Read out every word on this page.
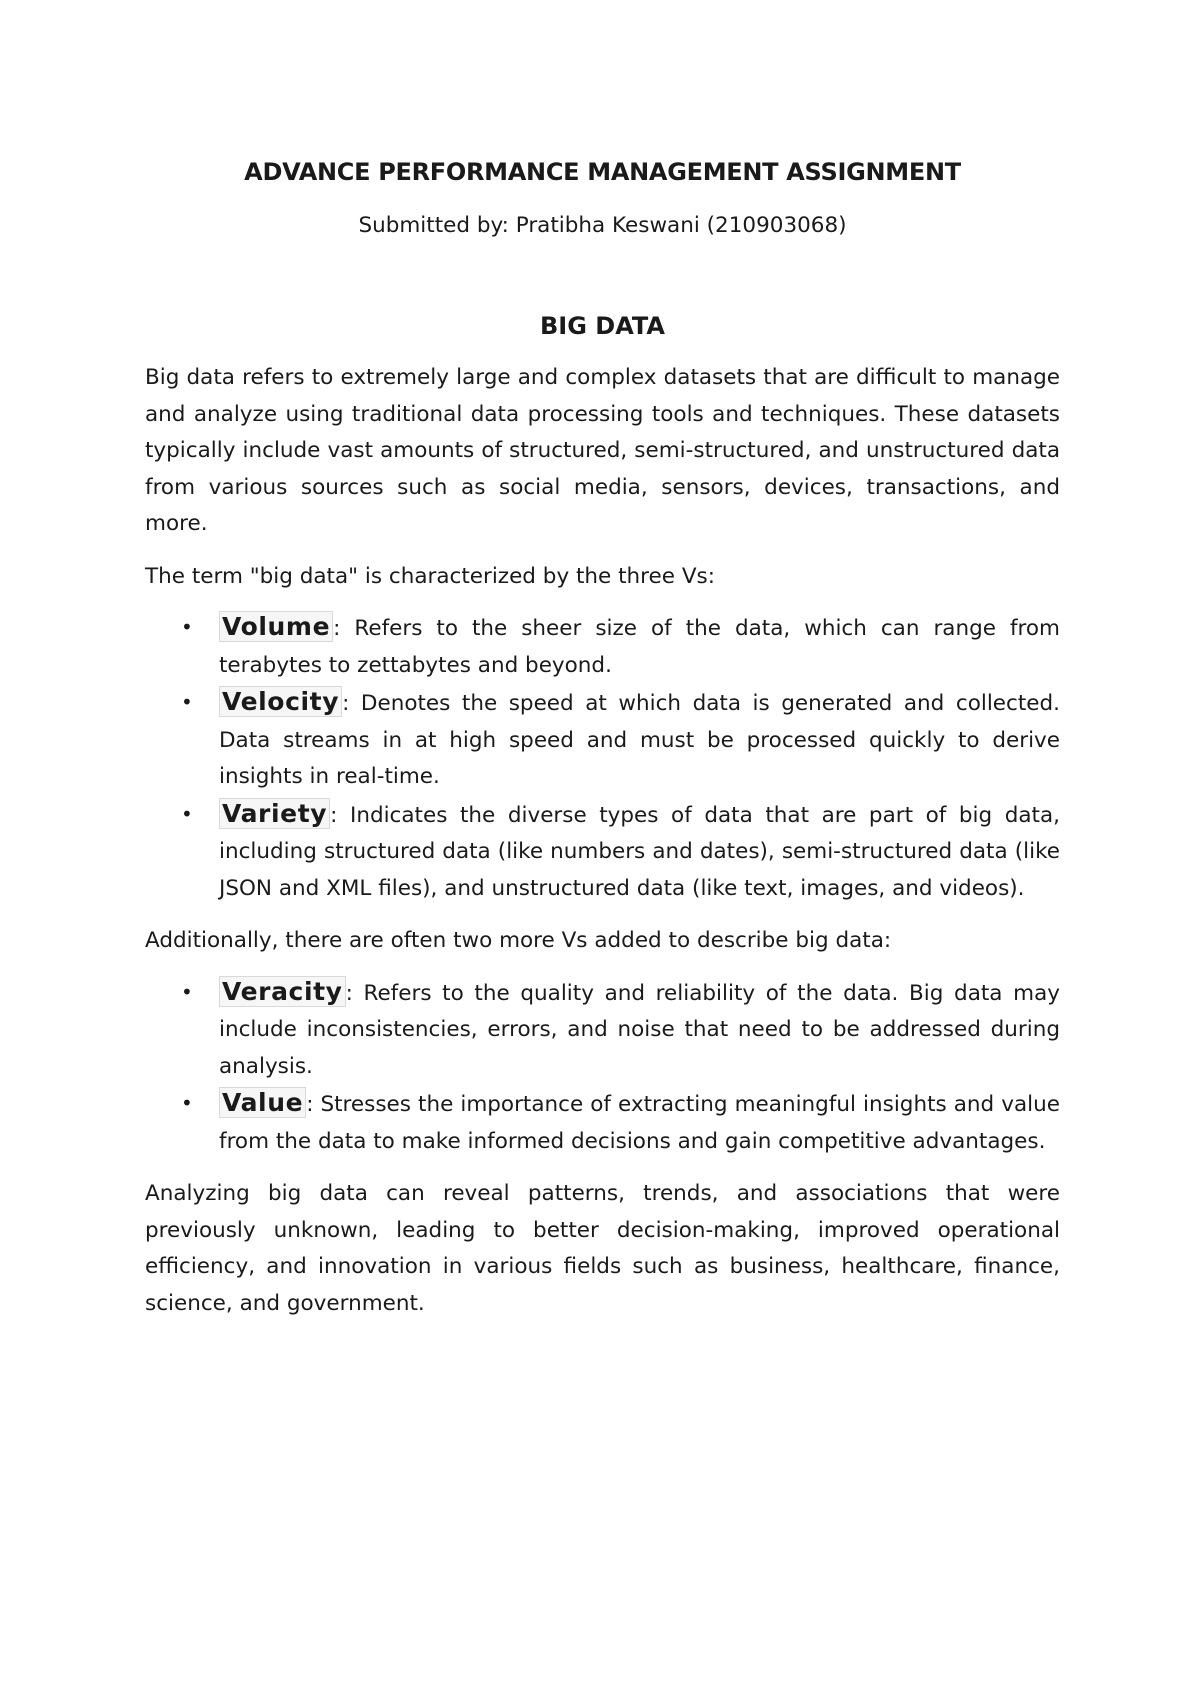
ADVANCE PERFORMANCE MANAGEMENT ASSIGNMENT
Submitted by: Pratibha Keswani (210903068)
BIG DATA

Big data refers to extremely large and complex datasets that are difficult to manage and analyze using traditional data processing tools and techniques. These datasets typically include vast amounts of structured, semi-structured, and unstructured data from various sources such as social media, sensors, devices, transactions, and more.

The term "big data" is characterized by the three Vs:

• Volume : Refers to the sheer size of the data, which can range from terabytes to zettabytes and beyond.
• Velocity : Denotes the speed at which data is generated and collected. Data streams in at high speed and must be processed quickly to derive insights in real-time.
• Variety : Indicates the diverse types of data that are part of big data, including structured data (like numbers and dates), semi-structured data (like JSON and XML files), and unstructured data (like text, images, and videos).

Additionally, there are often two more Vs added to describe big data:

• Veracity : Refers to the quality and reliability of the data. Big data may include inconsistencies, errors, and noise that need to be addressed during analysis.
• Value : Stresses the importance of extracting meaningful insights and value from the data to make informed decisions and gain competitive advantages.

Analyzing big data can reveal patterns, trends, and associations that were previously unknown, leading to better decision-making, improved operational efficiency, and innovation in various fields such as business, healthcare, finance, science, and government.
